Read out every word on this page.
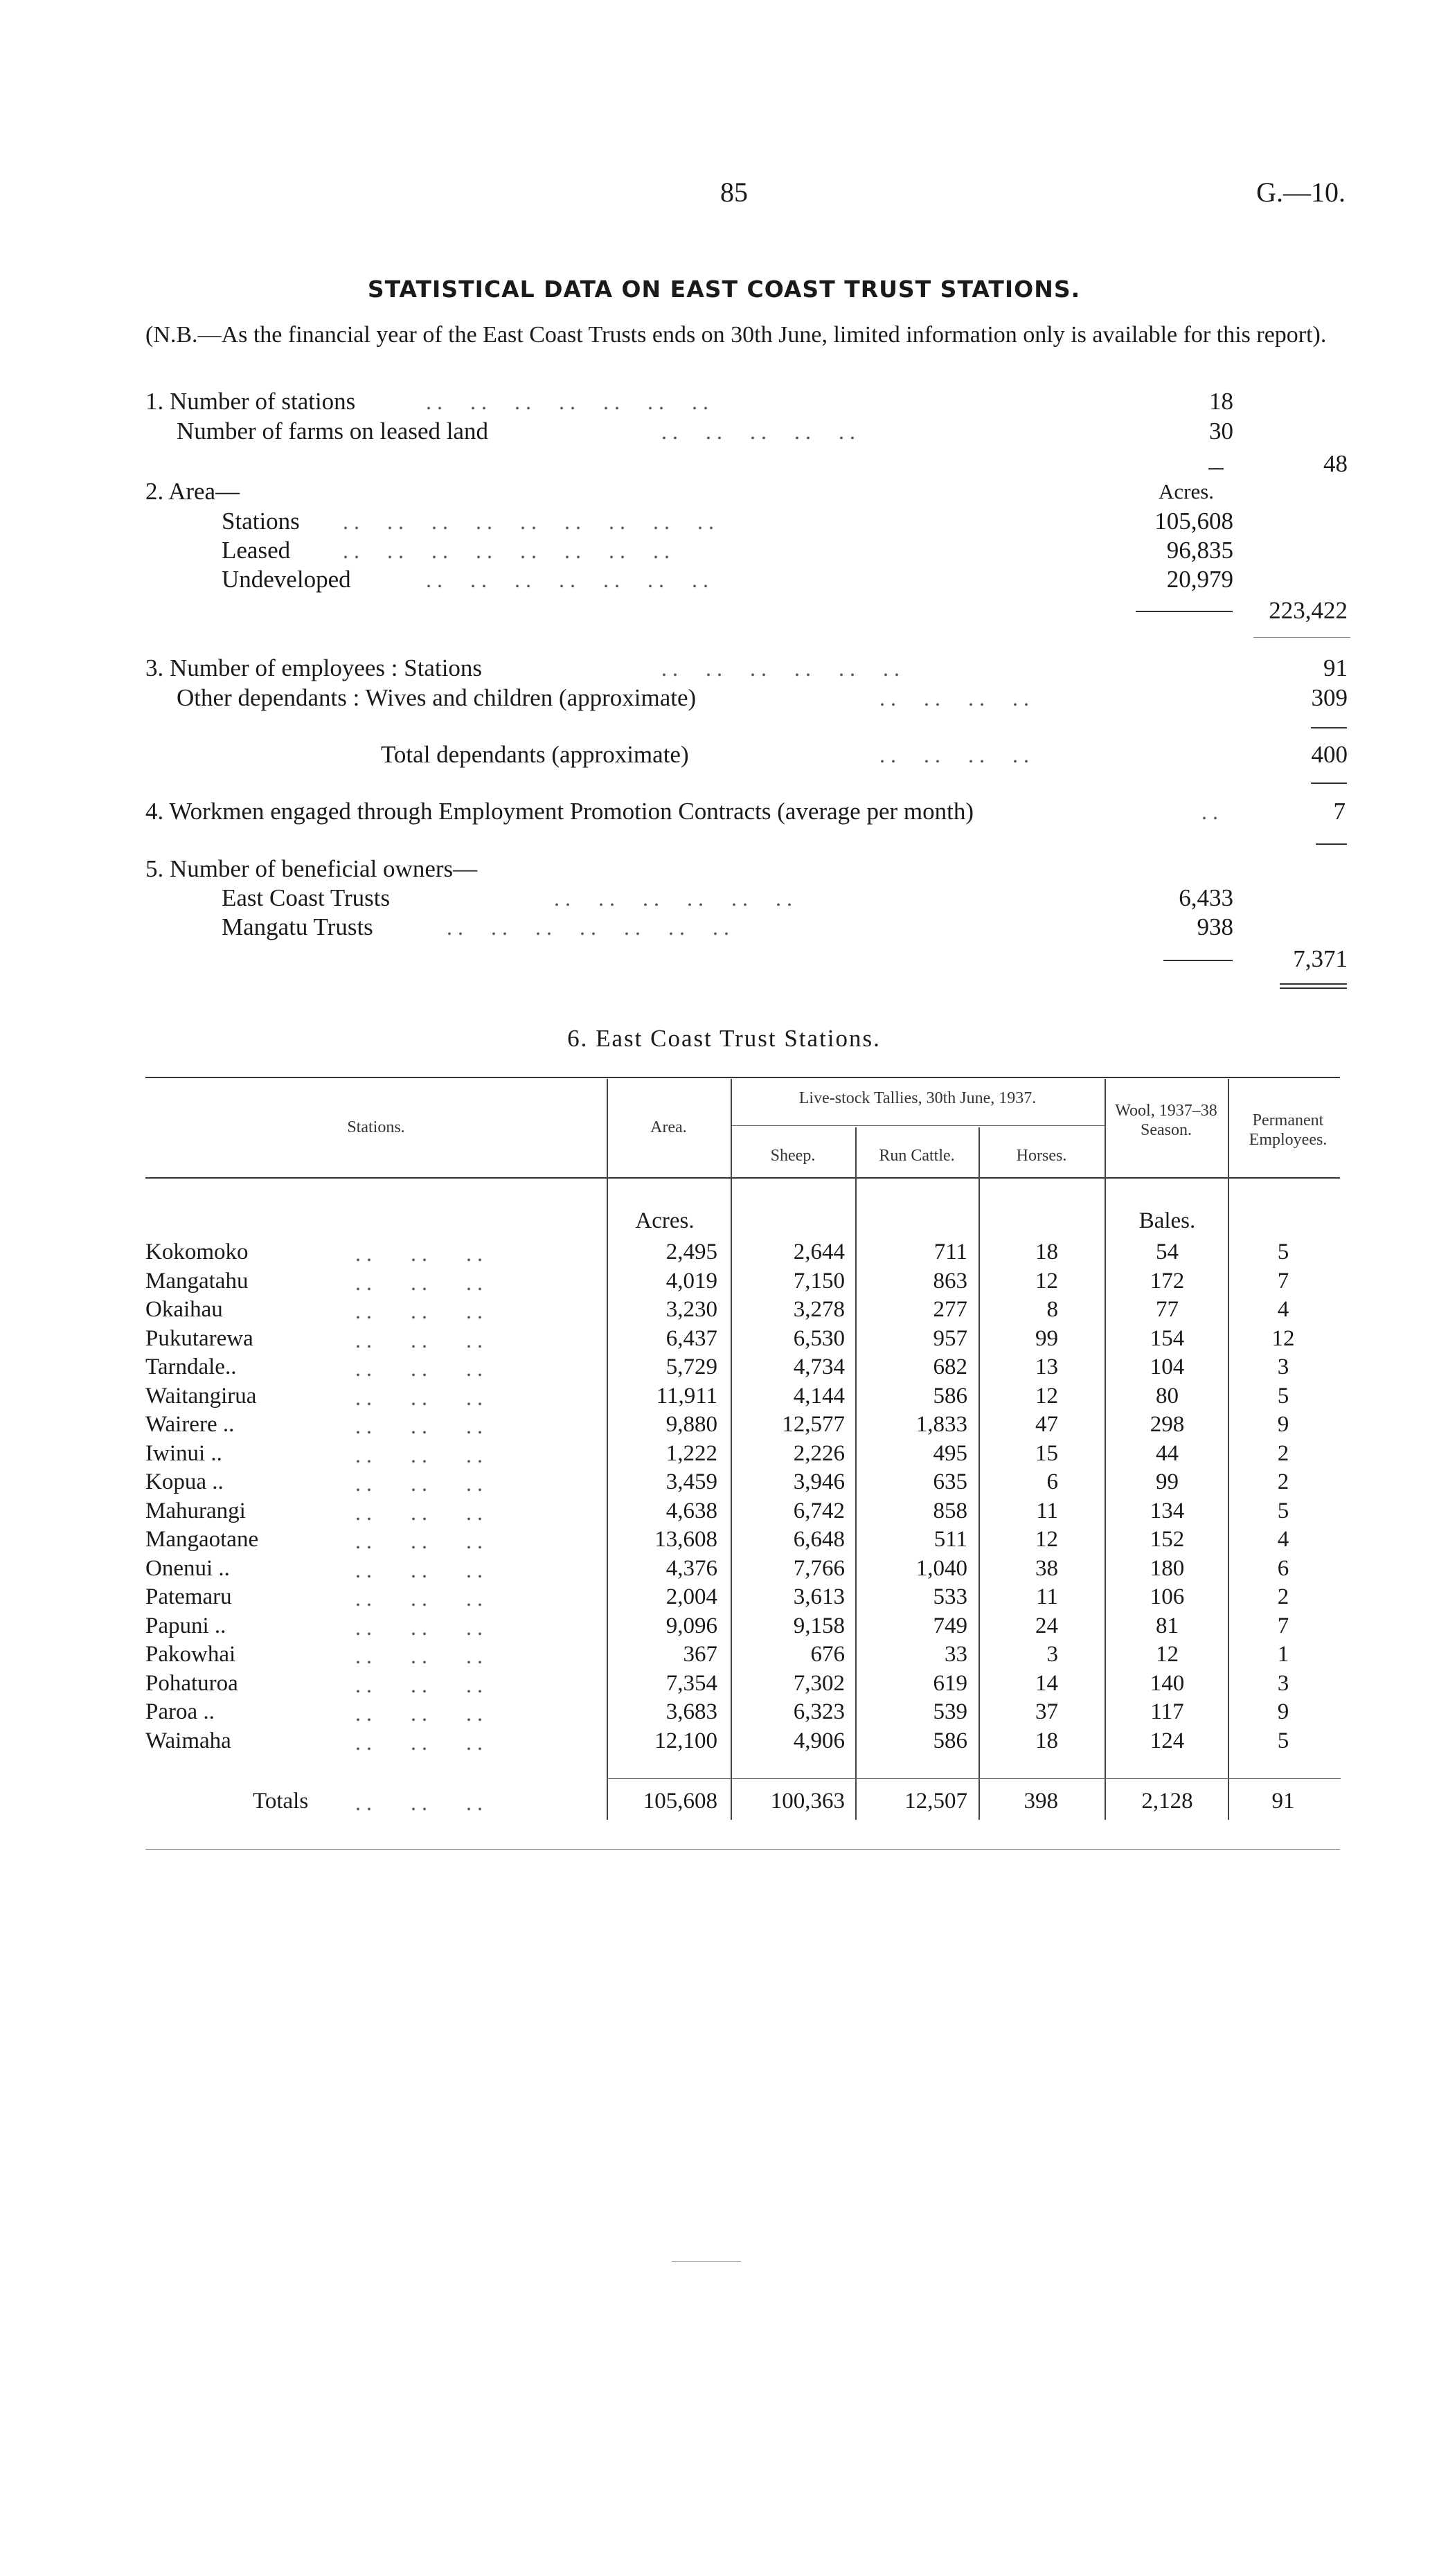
85	G.—10.
STATISTICAL DATA ON EAST COAST TRUST STATIONS.
(N.B.—As the financial year of the East Coast Trusts ends on 30th June, limited information only is available for this report).
1. Number of stations	. .     . .     . .     . .     . .     . .     . .	18
Number of farms on leased land	. .     . .     . .     . .     . .	30
48
2. Area—	Acres.
Stations . .     . .     . .     . .     . .     . .     . .     . .     . .	105,608
Leased . .     . .     . .     . .     . .     . .     . .     . .	96,835
Undeveloped	. .     . .     . .     . .     . .     . .     . .	20,979
223,422
3. Number of employees : Stations	. .     . .     . .     . .     . .     . .	91
Other dependants : Wives and children (approximate)	. .     . .     . .     . .	309
Total dependants (approximate)	. .     . .     . .     . .	400
4. Workmen engaged through Employment Promotion Contracts (average per month)	. .	7
5. Number of beneficial owners—
East Coast Trusts	. .     . .     . .     . .     . .     . .	6,433
Mangatu Trusts	. .     . .     . .     . .     . .     . .     . .	938
7,371
6. East Coast Trust Stations.
Stations.	Area.
Live-stock Tallies, 30th June, 1937.
Sheep.	Run Cattle.	Horses.
Wool, 1937–38 Season.
Permanent Employees.
Acres.	Bales.
Kokomoko	2,495	2,644	711	18	54	5
. .       . .       . .
Mangatahu	4,019	7,150	863	12	172	7
. .       . .       . .
Okaihau	3,230	3,278	277	8	77	4
. .       . .       . .
Pukutarewa	6,437	6,530	957	99	154	12
. .       . .       . .
Tarndale..	5,729	4,734	682	13	104	3
. .       . .       . .
Waitangirua	11,911	4,144	586	12	80	5
. .       . .       . .
Wairere ..	9,880	12,577	1,833	47	298	9
. .       . .       . .
Iwinui ..	1,222	2,226	495	15	44	2
. .       . .       . .
Kopua ..	3,459	3,946	635	6	99	2
. .       . .       . .
Mahurangi	4,638	6,742	858	11	134	5
. .       . .       . .
Mangaotane	13,608	6,648	511	12	152	4
. .       . .       . .
Onenui ..	4,376	7,766	1,040	38	180	6
. .       . .       . .
Patemaru	2,004	3,613	533	11	106	2
. .       . .       . .
Papuni ..	9,096	9,158	749	24	81	7
. .       . .       . .
Pakowhai	367	676	33	3	12	1
. .       . .       . .
Pohaturoa	7,354	7,302	619	14	140	3
. .       . .       . .
Paroa ..	3,683	6,323	539	37	117	9
. .       . .       . .
Waimaha	12,100	4,906	586	18	124	5
. .       . .       . .
Totals . .       . .       . .	105,608	100,363	12,507	398	2,128	91
